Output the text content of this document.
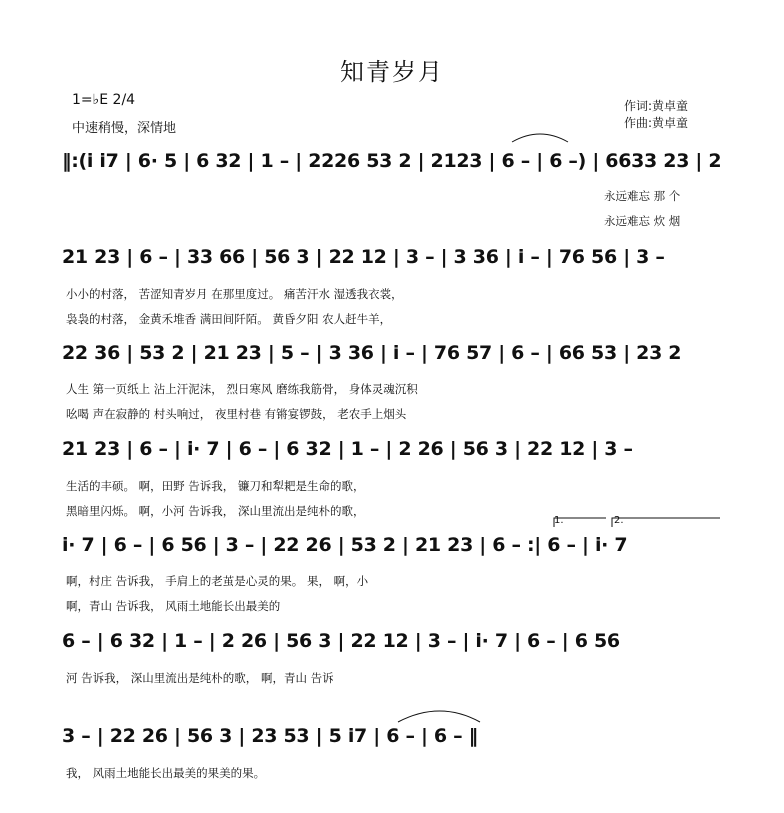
知青岁月
1=♭E 2/4
中速稍慢，深情地
作词:黄卓童
作曲:黄卓童
‖:(i i7 | 6· 5 | 6 32 | 1 – | 2226 53 2 | 2123 | 6 – | 6 –) | 6633 23 | 2
永远难忘 那 个
永远难忘 炊 烟
21 23 | 6 – | 33 66 | 56 3 | 22 12 | 3 – | 3 36 | i – | 76 56 | 3 –
小小的村落， 苦涩知青岁月 在那里度过。 痛苦汗水 湿透我衣裳，
袅袅的村落， 金黄禾堆香 满田间阡陌。 黄昏夕阳 农人赶牛羊，
22 36 | 53 2 | 21 23 | 5 – | 3 36 | i – | 76 57 | 6 – | 66 53 | 23 2
人生 第一页纸上 沾上汗泥沫， 烈日寒风 磨练我筋骨， 身体灵魂沉积
吆喝 声在寂静的 村头响过， 夜里村巷 有锵宴锣鼓， 老农手上烟头
21 23 | 6 – | i· 7 | 6 – | 6 32 | 1 – | 2 26 | 56 3 | 22 12 | 3 –
生活的丰硕。 啊，田野 告诉我， 镰刀和犁耙是生命的歌，
黑暗里闪烁。 啊，小河 告诉我， 深山里流出是纯朴的歌，
1.	2.
i· 7 | 6 – | 6 56 | 3 – | 22 26 | 53 2 | 21 23 | 6 – :| 6 – | i· 7
啊，村庄 告诉我， 手肩上的老茧是心灵的果。 果， 啊，小
啊，青山 告诉我， 风雨土地能长出最美的
6 – | 6 32 | 1 – | 2 26 | 56 3 | 22 12 | 3 – | i· 7 | 6 – | 6 56
河 告诉我， 深山里流出是纯朴的歌， 啊，青山 告诉
3 – | 22 26 | 56 3 | 23 53 | 5 i7 | 6 – | 6 – ‖
我， 风雨土地能长出最美的果美的果。
